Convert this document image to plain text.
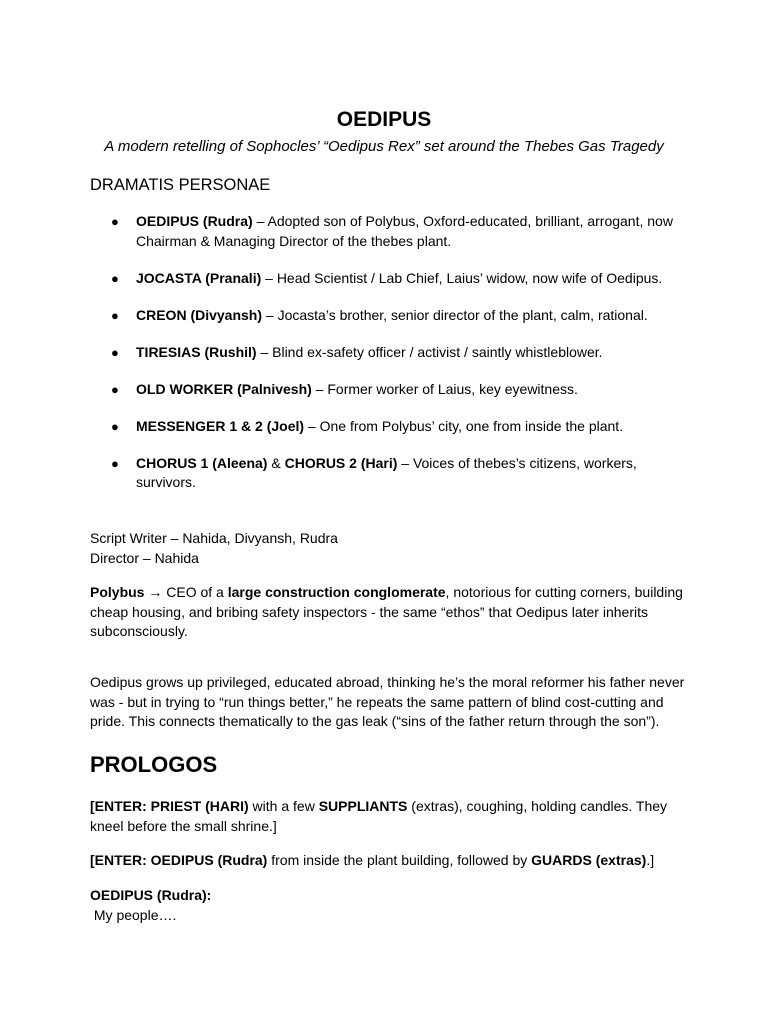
OEDIPUS

A modern retelling of Sophocles’ “Oedipus Rex” set around the Thebes Gas Tragedy

DRAMATIS PERSONAE
● OEDIPUS (Rudra) – Adopted son of Polybus, Oxford-educated, brilliant, arrogant, now Chairman & Managing Director of the thebes plant.
● JOCASTA (Pranali) – Head Scientist / Lab Chief, Laius’ widow, now wife of Oedipus.
● CREON (Divyansh) – Jocasta’s brother, senior director of the plant, calm, rational.
● TIRESIAS (Rushil) – Blind ex-safety officer / activist / saintly whistleblower.
● OLD WORKER (Palnivesh) – Former worker of Laius, key eyewitness.
● MESSENGER 1 & 2 (Joel) – One from Polybus’ city, one from inside the plant.
● CHORUS 1 (Aleena) & CHORUS 2 (Hari) – Voices of thebes’s citizens, workers, survivors.

Script Writer – Nahida, Divyansh, Rudra
Director – Nahida

Polybus → CEO of a large construction conglomerate, notorious for cutting corners, building cheap housing, and bribing safety inspectors - the same “ethos” that Oedipus later inherits subconsciously.

Oedipus grows up privileged, educated abroad, thinking he’s the moral reformer his father never was - but in trying to “run things better,” he repeats the same pattern of blind cost-cutting and pride. This connects thematically to the gas leak (“sins of the father return through the son”).

PROLOGOS

[ENTER: PRIEST (HARI) with a few SUPPLIANTS (extras), coughing, holding candles. They kneel before the small shrine.]

[ENTER: OEDIPUS (Rudra) from inside the plant building, followed by GUARDS (extras).]

OEDIPUS (Rudra):
My people….
